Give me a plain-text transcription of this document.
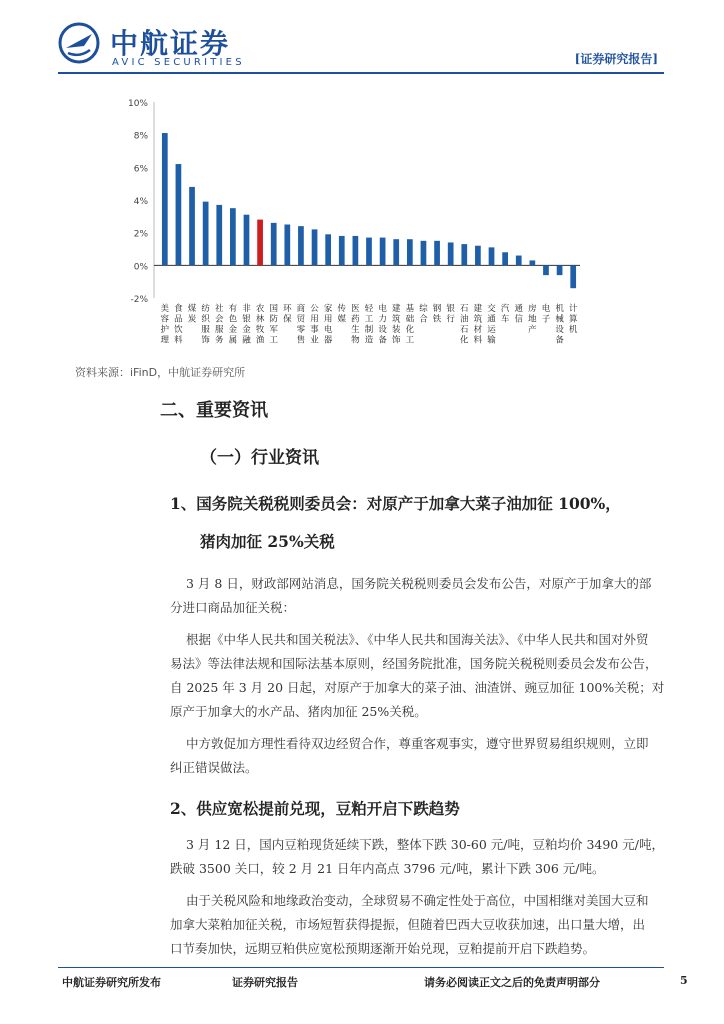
中航证券
AVIC SECURITIES	[证券研究报告]
10%
8%
6%
4%
2%
0%
-2%
美容护理
食品饮料
煤炭
纺织服饰
社会服务
有色金属
非银金融
农林牧渔
国防军工
环保
商贸零售
公用事业
家用电器
传媒
医药生物
轻工制造
电力设备
建筑装饰
基础化工
综合
钢铁
银行
石油石化
建筑材料
交通运输
汽车
通信
房地产
电子
机械设备
计算机
资料来源：iFinD，中航证券研究所
二、重要资讯
（一）行业资讯
1、国务院关税税则委员会：对原产于加拿大菜子油加征 100%，
猪肉加征 25%关税
3 月 8 日，财政部网站消息，国务院关税税则委员会发布公告，对原产于加拿大的部
分进口商品加征关税：
根据《中华人民共和国关税法》、《中华人民共和国海关法》、《中华人民共和国对外贸
易法》等法律法规和国际法基本原则，经国务院批准，国务院关税税则委员会发布公告，
自 2025 年 3 月 20 日起，对原产于加拿大的菜子油、油渣饼、豌豆加征 100%关税；对
原产于加拿大的水产品、猪肉加征 25%关税。
中方敦促加方理性看待双边经贸合作，尊重客观事实，遵守世界贸易组织规则，立即
纠正错误做法。
2、供应宽松提前兑现，豆粕开启下跌趋势
3 月 12 日，国内豆粕现货延续下跌，整体下跌 30-60 元/吨，豆粕均价 3490 元/吨，
跌破 3500 关口，较 2 月 21 日年内高点 3796 元/吨，累计下跌 306 元/吨。
由于关税风险和地缘政治变动，全球贸易不确定性处于高位，中国相继对美国大豆和
加拿大菜粕加征关税，市场短暂获得提振，但随着巴西大豆收获加速，出口量大增，出
口节奏加快，远期豆粕供应宽松预期逐渐开始兑现，豆粕提前开启下跌趋势。
中航证券研究所发布	证券研究报告	请务必阅读正文之后的免责声明部分	5
